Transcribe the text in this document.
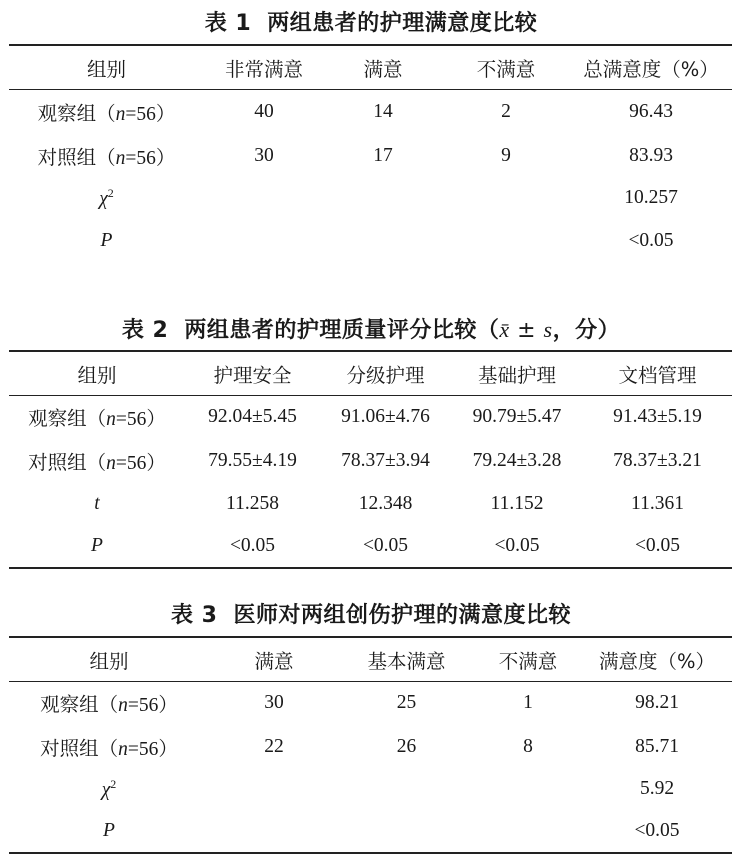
表 1 两组患者的护理满意度比较
组别	非常满意	满意	不满意	总满意度（%）
观察组（n=56）	40	14	2	96.43
对照组（n=56）	30	17	9	83.93
$\chi^2$				10.257
P				<0.05
表 2 两组患者的护理质量评分比较（x̄ ± s，分）
组别	护理安全	分级护理	基础护理	文档管理
观察组（n=56）	92.04±5.45	91.06±4.76	90.79±5.47	91.43±5.19
对照组（n=56）	79.55±4.19	78.37±3.94	79.24±3.28	78.37±3.21
t	11.258	12.348	11.152	11.361
P	<0.05	<0.05	<0.05	<0.05
表 3 医师对两组创伤护理的满意度比较
组别	满意	基本满意	不满意	满意度（%）
观察组（n=56）	30	25	1	98.21
对照组（n=56）	22	26	8	85.71
$\chi^2$				5.92
P				<0.05
